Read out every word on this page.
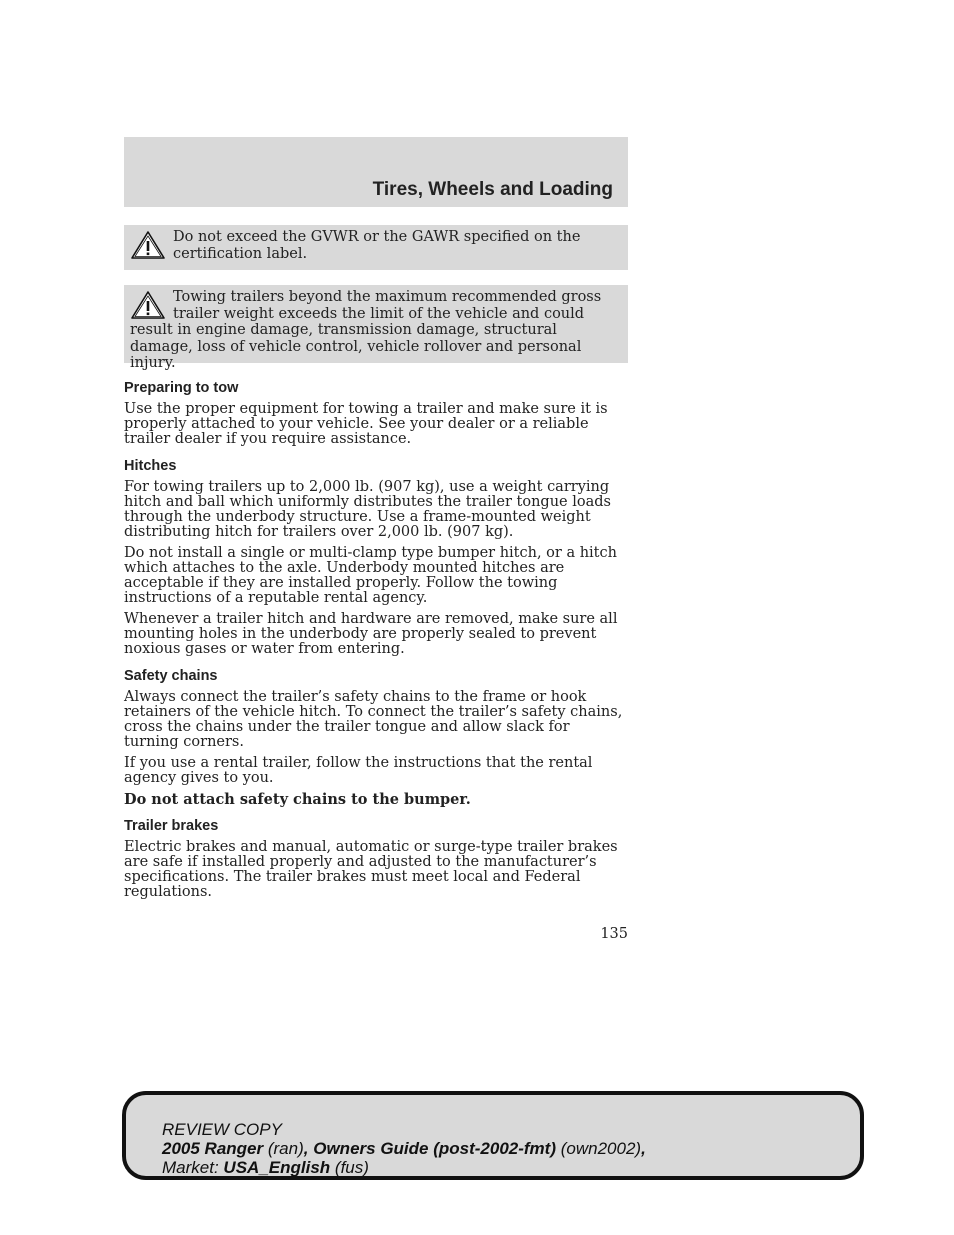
Tires, Wheels and Loading
Do not exceed the GVWR or the GAWR specified on the certification label.
Towing trailers beyond the maximum recommended gross trailer weight exceeds the limit of the vehicle and could result in engine damage, transmission damage, structural damage, loss of vehicle control, vehicle rollover and personal injury.
Preparing to tow

Use the proper equipment for towing a trailer and make sure it is properly attached to your vehicle. See your dealer or a reliable trailer dealer if you require assistance.

Hitches

For towing trailers up to 2,000 lb. (907 kg), use a weight carrying hitch and ball which uniformly distributes the trailer tongue loads through the underbody structure. Use a frame-mounted weight distributing hitch for trailers over 2,000 lb. (907 kg).

Do not install a single or multi-clamp type bumper hitch, or a hitch which attaches to the axle. Underbody mounted hitches are acceptable if they are installed properly. Follow the towing instructions of a reputable rental agency.

Whenever a trailer hitch and hardware are removed, make sure all mounting holes in the underbody are properly sealed to prevent noxious gases or water from entering.

Safety chains

Always connect the trailer’s safety chains to the frame or hook retainers of the vehicle hitch. To connect the trailer’s safety chains, cross the chains under the trailer tongue and allow slack for turning corners.

If you use a rental trailer, follow the instructions that the rental agency gives to you.

Do not attach safety chains to the bumper.

Trailer brakes

Electric brakes and manual, automatic or surge-type trailer brakes are safe if installed properly and adjusted to the manufacturer’s specifications. The trailer brakes must meet local and Federal regulations.

135
REVIEW COPY
2005 Ranger (ran), Owners Guide (post-2002-fmt) (own2002),
Market: USA_English (fus)
